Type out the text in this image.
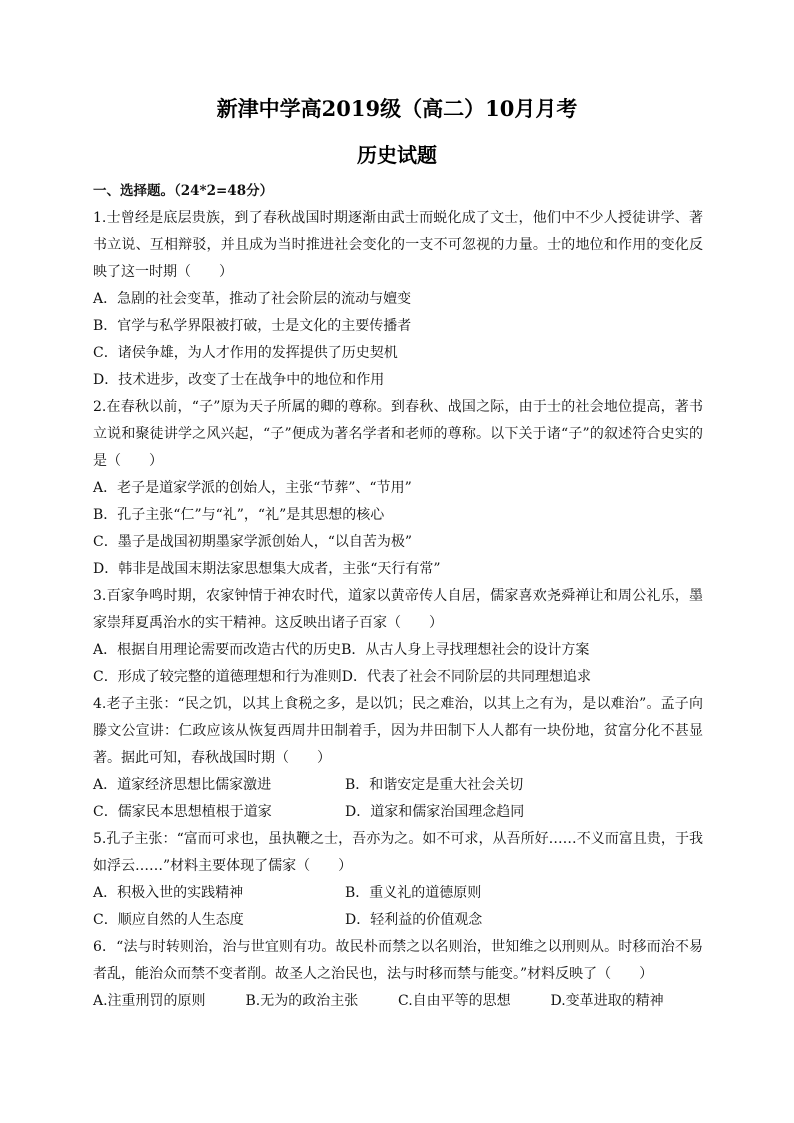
新津中学高2019级（高二）10月月考
历史试题
一、选择题。（24*2=48分）

1.士曾经是底层贵族，到了春秋战国时期逐渐由武士而蜕化成了文士，他们中不少人授徒讲学、著书立说、互相辩驳，并且成为当时推进社会变化的一支不可忽视的力量。士的地位和作用的变化反映了这一时期（　　）

A．急剧的社会变革，推动了社会阶层的流动与嬗变

B．官学与私学界限被打破，士是文化的主要传播者

C．诸侯争雄，为人才作用的发挥提供了历史契机

D．技术进步，改变了士在战争中的地位和作用

2.在春秋以前，“子”原为天子所属的卿的尊称。到春秋、战国之际，由于士的社会地位提高，著书立说和聚徒讲学之风兴起，“子”便成为著名学者和老师的尊称。以下关于诸“子”的叙述符合史实的是（　　）

A．老子是道家学派的创始人，主张“节葬”、“节用”

B．孔子主张“仁”与“礼”，“礼”是其思想的核心

C．墨子是战国初期墨家学派创始人，“以自苦为极”

D．韩非是战国末期法家思想集大成者，主张“天行有常”

3.百家争鸣时期，农家钟情于神农时代，道家以黄帝传人自居，儒家喜欢尧舜禅让和周公礼乐，墨家崇拜夏禹治水的实干精神。这反映出诸子百家（　　）

A．根据自用理论需要而改造古代的历史 B．从古人身上寻找理想社会的设计方案
C．形成了较完整的道德理想和行为准则 D．代表了社会不同阶层的共同理想追求

4.老子主张：“民之饥，以其上食税之多，是以饥；民之难治，以其上之有为，是以难治”。孟子向滕文公宣讲：仁政应该从恢复西周井田制着手，因为井田制下人人都有一块份地，贫富分化不甚显著。据此可知，春秋战国时期（　　）

A．道家经济思想比儒家激进	B．和谐安定是重大社会关切
C．儒家民本思想植根于道家	D．道家和儒家治国理念趋同

5.孔子主张：“富而可求也，虽执鞭之士，吾亦为之。如不可求，从吾所好……不义而富且贵，于我如浮云……”材料主要体现了儒家（　　）

A．积极入世的实践精神	B．重义礼的道德原则
C．顺应自然的人生态度	D．轻利益的价值观念

6．“法与时转则治，治与世宜则有功。故民朴而禁之以名则治，世知维之以刑则从。时移而治不易者乱，能治众而禁不变者削。故圣人之治民也，法与时移而禁与能变。”材料反映了（　　）

A.注重刑罚的原则	B.无为的政治主张	C.自由平等的思想	D.变革进取的精神
